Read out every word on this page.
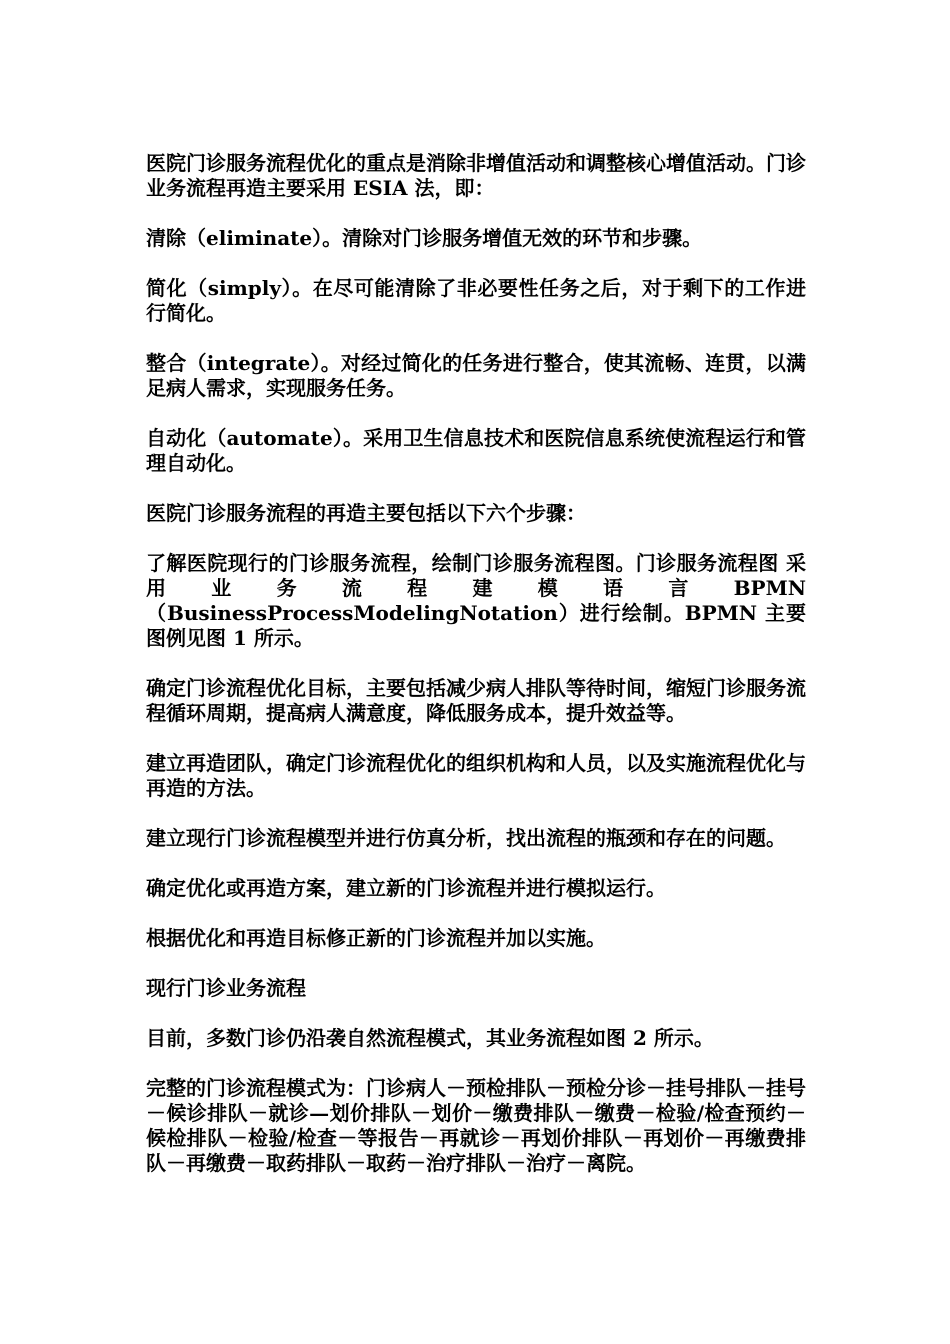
医院门诊服务流程优化的重点是消除非增值活动和调整核心增值活动。门诊业务流程再造主要采用 ESIA 法，即：

清除（eliminate）。清除对门诊服务增值无效的环节和步骤。

简化（simply）。在尽可能清除了非必要性任务之后，对于剩下的工作进行简化。

整合（integrate）。对经过简化的任务进行整合，使其流畅、连贯，以满足病人需求，实现服务任务。

自动化（automate）。采用卫生信息技术和医院信息系统使流程运行和管理自动化。

医院门诊服务流程的再造主要包括以下六个步骤：

了解医院现行的门诊服务流程，绘制门诊服务流程图。门诊服务流程图 采 用 业 务 流 程 建 模 语 言 BPMN（BusinessProcessModelingNotation）进行绘制。BPMN 主要图例见图 1 所示。

确定门诊流程优化目标，主要包括减少病人排队等待时间，缩短门诊服务流程循环周期，提高病人满意度，降低服务成本，提升效益等。

建立再造团队，确定门诊流程优化的组织机构和人员，以及实施流程优化与再造的方法。

建立现行门诊流程模型并进行仿真分析，找出流程的瓶颈和存在的问题。

确定优化或再造方案，建立新的门诊流程并进行模拟运行。

根据优化和再造目标修正新的门诊流程并加以实施。

现行门诊业务流程

目前，多数门诊仍沿袭自然流程模式，其业务流程如图 2 所示。

完整的门诊流程模式为：门诊病人－预检排队－预检分诊－挂号排队－挂号－候诊排队－就诊—划价排队－划价－缴费排队－缴费－检验/检查预约－候检排队－检验/检查－等报告－再就诊－再划价排队－再划价－再缴费排队－再缴费－取药排队－取药－治疗排队－治疗－离院。
